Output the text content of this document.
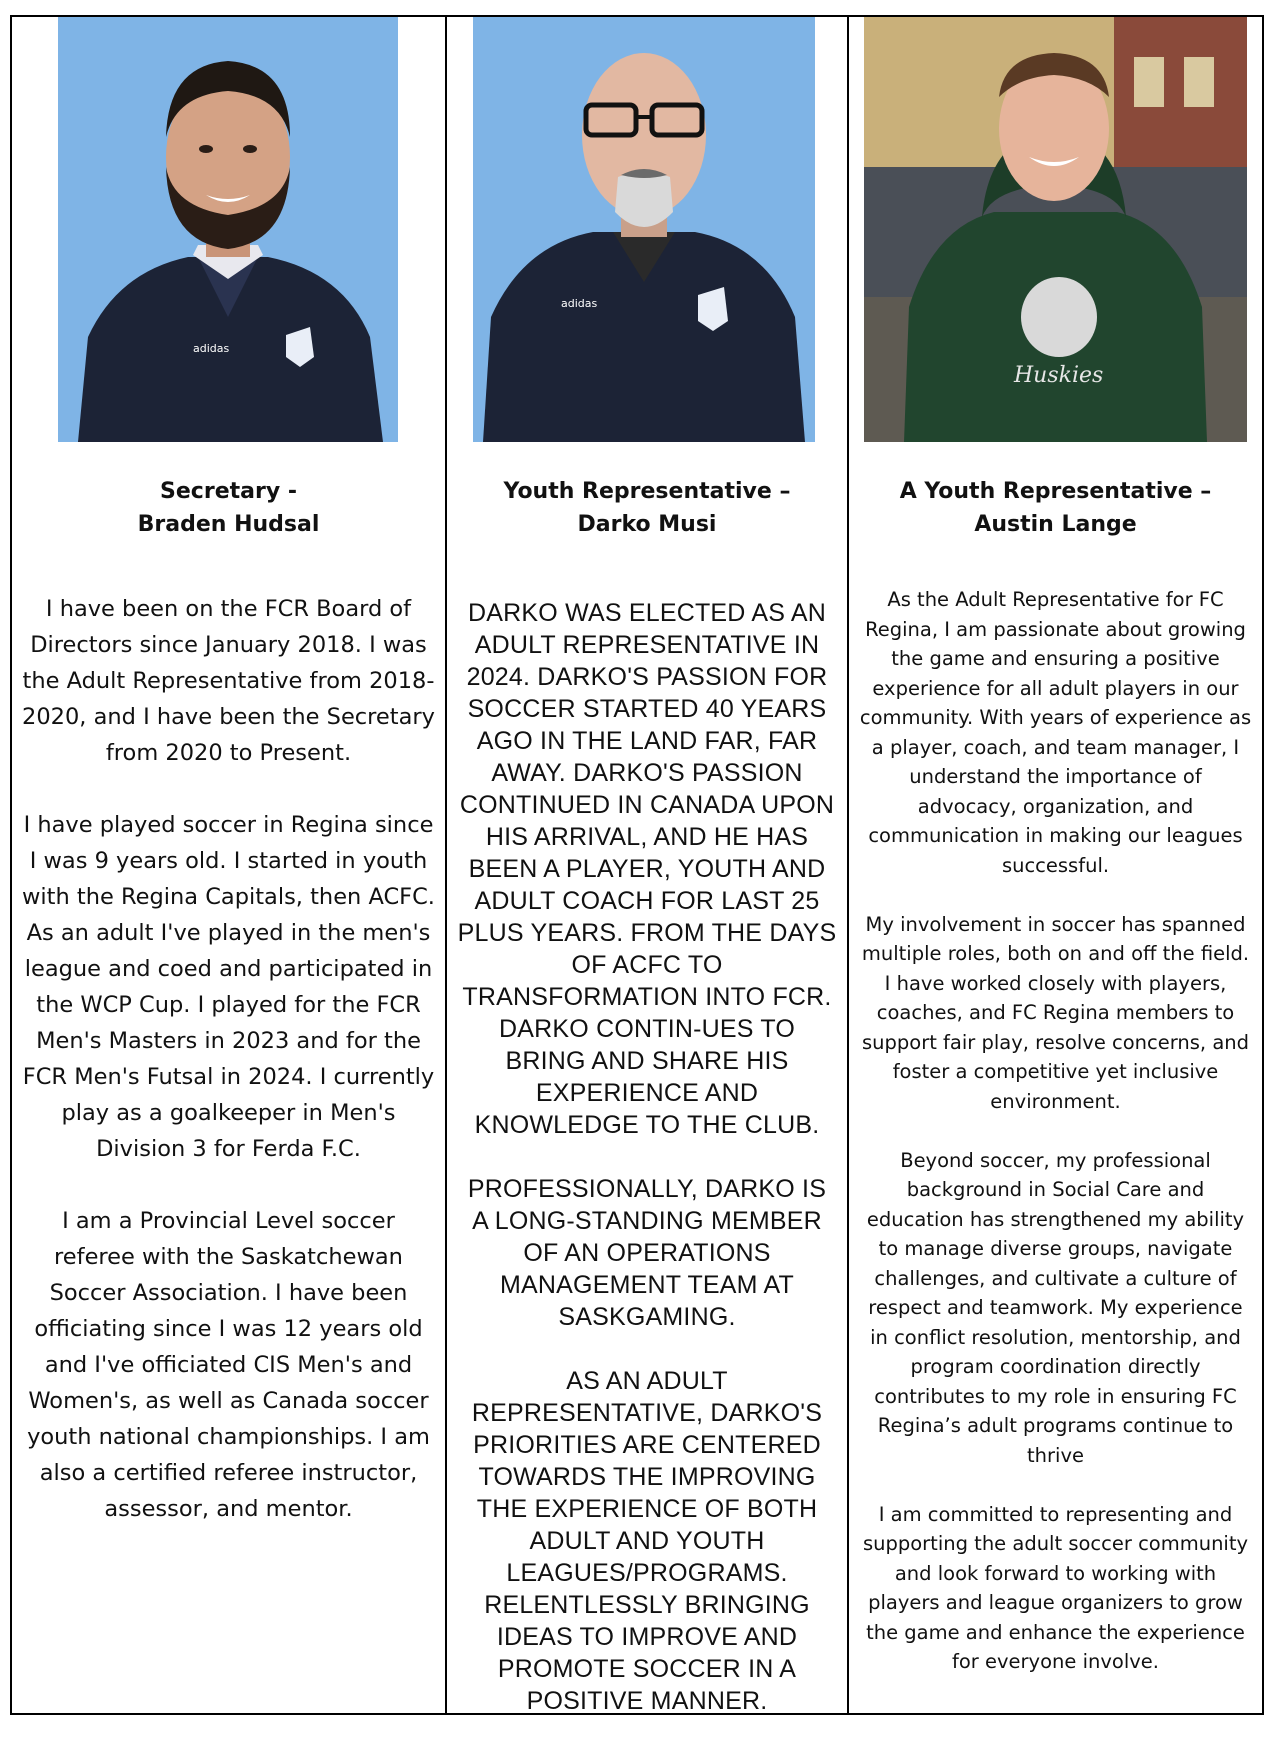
adidas
Secretary -
Braden Hudsal

I have been on the FCR Board of Directors since January 2018. I was the Adult Representative from 2018-2020, and I have been the Secretary from 2020 to Present.

I have played soccer in Regina since I was 9 years old. I started in youth with the Regina Capitals, then ACFC. As an adult I've played in the men's league and coed and participated in the WCP Cup. I played for the FCR Men's Masters in 2023 and for the FCR Men's Futsal in 2024. I currently play as a goalkeeper in Men's Division 3 for Ferda F.C.

I am a Provincial Level soccer referee with the Saskatchewan Soccer Association. I have been officiating since I was 12 years old and I've officiated CIS Men's and Women's, as well as Canada soccer youth national championships. I am also a certified referee instructor, assessor, and mentor.

adidas
Youth Representative –
Darko Musi

DARKO WAS ELECTED AS AN ADULT REPRESENTATIVE IN 2024. DARKO'S PASSION FOR SOCCER STARTED 40 YEARS AGO IN THE LAND FAR, FAR AWAY. DARKO'S PASSION CONTINUED IN CANADA UPON HIS ARRIVAL, AND HE HAS BEEN A PLAYER, YOUTH AND ADULT COACH FOR LAST 25 PLUS YEARS. FROM THE DAYS OF ACFC TO TRANSFORMATION INTO FCR. DARKO CONTIN-UES TO BRING AND SHARE HIS EXPERIENCE AND KNOWLEDGE TO THE CLUB.

PROFESSIONALLY, DARKO IS A LONG-STANDING MEMBER OF AN OPERATIONS MANAGEMENT TEAM AT SASKGAMING.

AS AN ADULT REPRESENTATIVE, DARKO'S PRIORITIES ARE CENTERED TOWARDS THE IMPROVING THE EXPERIENCE OF BOTH ADULT AND YOUTH LEAGUES/PROGRAMS. RELENTLESSLY BRINGING IDEAS TO IMPROVE AND PROMOTE SOCCER IN A POSITIVE MANNER.

Huskies
A Youth Representative –
Austin Lange

As the Adult Representative for FC Regina, I am passionate about growing the game and ensuring a positive experience for all adult players in our community. With years of experience as a player, coach, and team manager, I understand the importance of advocacy, organization, and communication in making our leagues successful.

My involvement in soccer has spanned multiple roles, both on and off the field. I have worked closely with players, coaches, and FC Regina members to support fair play, resolve concerns, and foster a competitive yet inclusive environment.

Beyond soccer, my professional background in Social Care and education has strengthened my ability to manage diverse groups, navigate challenges, and cultivate a culture of respect and teamwork. My experience in conflict resolution, mentorship, and program coordination directly contributes to my role in ensuring FC Regina’s adult programs continue to thrive

I am committed to representing and supporting the adult soccer community and look forward to working with players and league organizers to grow the game and enhance the experience for everyone involve.
